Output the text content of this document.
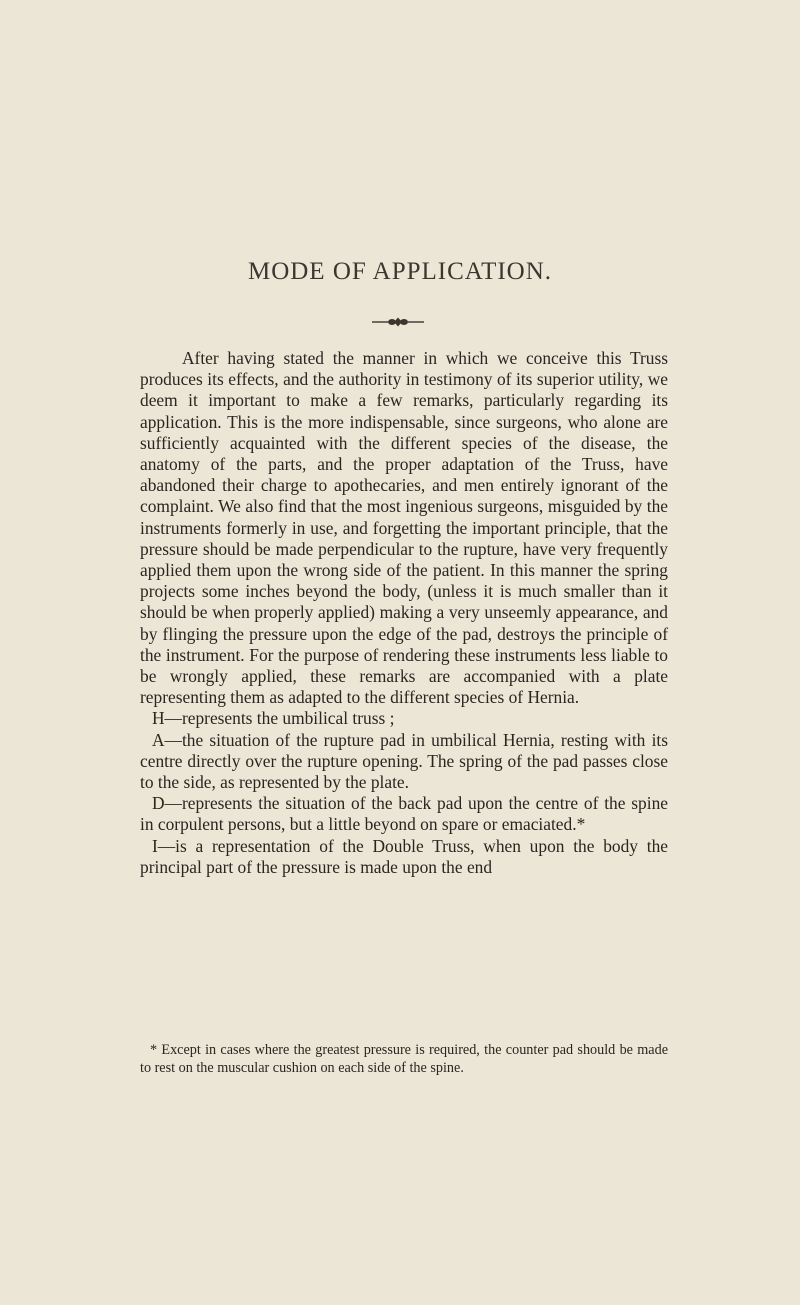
MODE OF APPLICATION.

After having stated the manner in which we conceive this Truss produces its effects, and the authority in testimony of its superior utility, we deem it important to make a few remarks, particularly regarding its application. This is the more indispensable, since surgeons, who alone are sufficiently acquainted with the different species of the disease, the anatomy of the parts, and the proper adaptation of the Truss, have abandoned their charge to apothecaries, and men entirely ignorant of the complaint. We also find that the most ingenious surgeons, misguided by the instruments formerly in use, and forgetting the important principle, that the pressure should be made perpendicular to the rupture, have very frequently applied them upon the wrong side of the patient. In this manner the spring projects some inches beyond the body, (unless it is much smaller than it should be when properly applied) making a very unseemly appearance, and by flinging the pressure upon the edge of the pad, destroys the principle of the instrument. For the purpose of rendering these instruments less liable to be wrongly applied, these remarks are accompanied with a plate representing them as adapted to the different species of Hernia.

H—represents the umbilical truss ;

A—the situation of the rupture pad in umbilical Hernia, resting with its centre directly over the rupture opening. The spring of the pad passes close to the side, as represented by the plate.

D—represents the situation of the back pad upon the centre of the spine in corpulent persons, but a little beyond on spare or emaciated.*

I—is a representation of the Double Truss, when upon the body the principal part of the pressure is made upon the end

* Except in cases where the greatest pressure is required, the counter pad should be made to rest on the muscular cushion on each side of the spine.
